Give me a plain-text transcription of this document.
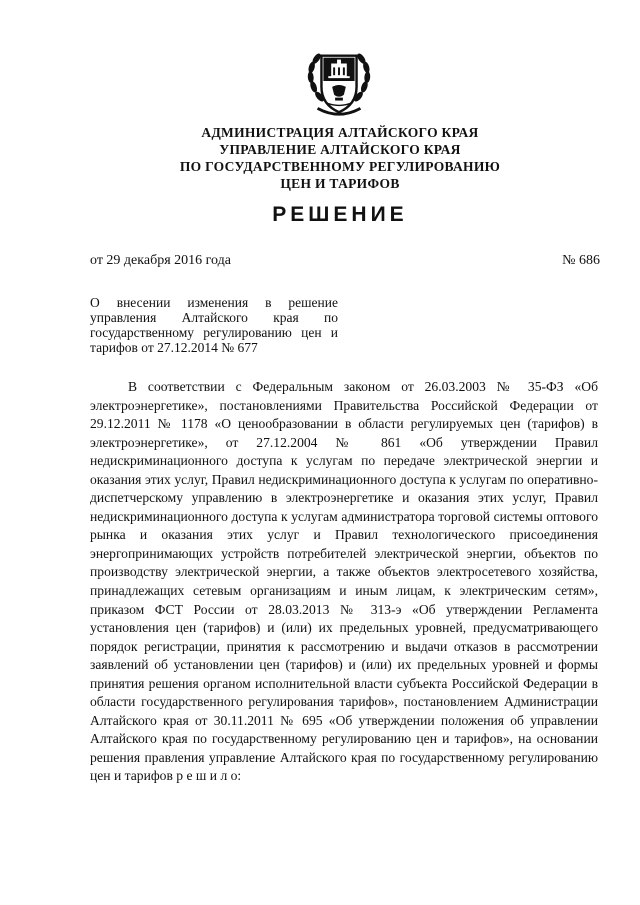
АДМИНИСТРАЦИЯ АЛТАЙСКОГО КРАЯ
УПРАВЛЕНИЕ АЛТАЙСКОГО КРАЯ
ПО ГОСУДАРСТВЕННОМУ РЕГУЛИРОВАНИЮ
ЦЕН И ТАРИФОВ
РЕШЕНИЕ
от 29 декабря 2016 года	№ 686
О внесении изменения в решение управления Алтайского края по государственному регулированию цен и тарифов от 27.12.2014 № 677

В соответствии с Федеральным законом от 26.03.2003 № 35-ФЗ «Об электроэнергетике», постановлениями Правительства Российской Федерации от 29.12.2011 № 1178 «О ценообразовании в области регулируемых цен (тарифов) в электроэнергетике», от 27.12.2004 № 861 «Об утверждении Правил недискриминационного доступа к услугам по передаче электрической энергии и оказания этих услуг, Правил недискриминационного доступа к услугам по оперативно-диспетчерскому управлению в электроэнергетике и оказания этих услуг, Правил недискриминационного доступа к услугам администратора торговой системы оптового рынка и оказания этих услуг и Правил технологического присоединения энергопринимающих устройств потребителей электрической энергии, объектов по производству электрической энергии, а также объектов электросетевого хозяйства, принадлежащих сетевым организациям и иным лицам, к электрическим сетям», приказом ФСТ России от 28.03.2013 № 313-э «Об утверждении Регламента установления цен (тарифов) и (или) их предельных уровней, предусматривающего порядок регистрации, принятия к рассмотрению и выдачи отказов в рассмотрении заявлений об установлении цен (тарифов) и (или) их предельных уровней и формы принятия решения органом исполнительной власти субъекта Российской Федерации в области государственного регулирования тарифов», постановлением Администрации Алтайского края от 30.11.2011 № 695 «Об утверждении положения об управлении Алтайского края по государственному регулированию цен и тарифов», на основании решения правления управление Алтайского края по государственному регулированию цен и тарифов р е ш и л о:
